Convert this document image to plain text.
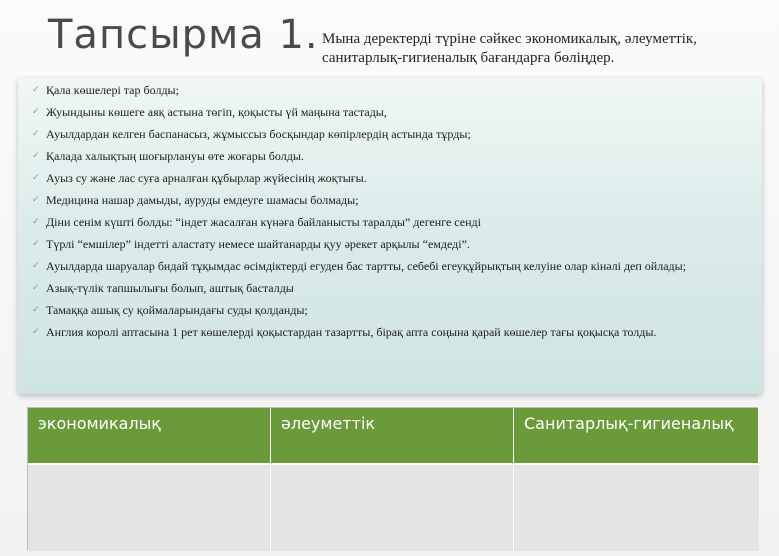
Тапсырма 1. Мына деректерді түріне сәйкес экономикалық, әлеуметтік, санитарлық-гигиеналық бағандарға бөліңдер.
✓ Қала көшелері тар болды;
✓ Жуындыны көшеге аяқ астына төгіп, қоқысты үй маңына тастады,
✓ Ауылдардан келген баспанасыз, жұмыссыз босқындар көпірлердің астында тұрды;
✓ Қалада халықтың шоғырлануы өте жоғары болды.
✓ Ауыз су және лас суға арналған құбырлар жүйесінің жоқтығы.
✓ Медицина нашар дамыды, ауруды емдеуге шамасы болмады;
✓ Діни сенім күшті болды: “індет жасалған күнәға байланысты таралды” дегенге сенді
✓ Түрлі “емшілер” індетті аластату немесе шайтанарды қуу әрекет арқылы “емдеді”.
✓ Ауылдарда шаруалар бидай тұқымдас өсімдіктерді егуден бас тартты, себебі егеуқұйрықтың келуіне олар кінәлі деп ойлады;
✓ Азық-түлік тапшылығы болып, аштық басталды
✓ Тамаққа ашық су қоймаларындағы суды қолданды;
✓ Англия королі аптасына 1 рет көшелерді қоқыстардан тазартты, бірақ апта соңына қарай көшелер тағы қоқысқа толды.
экономикалық	әлеуметтік	Санитарлық-гигиеналық
